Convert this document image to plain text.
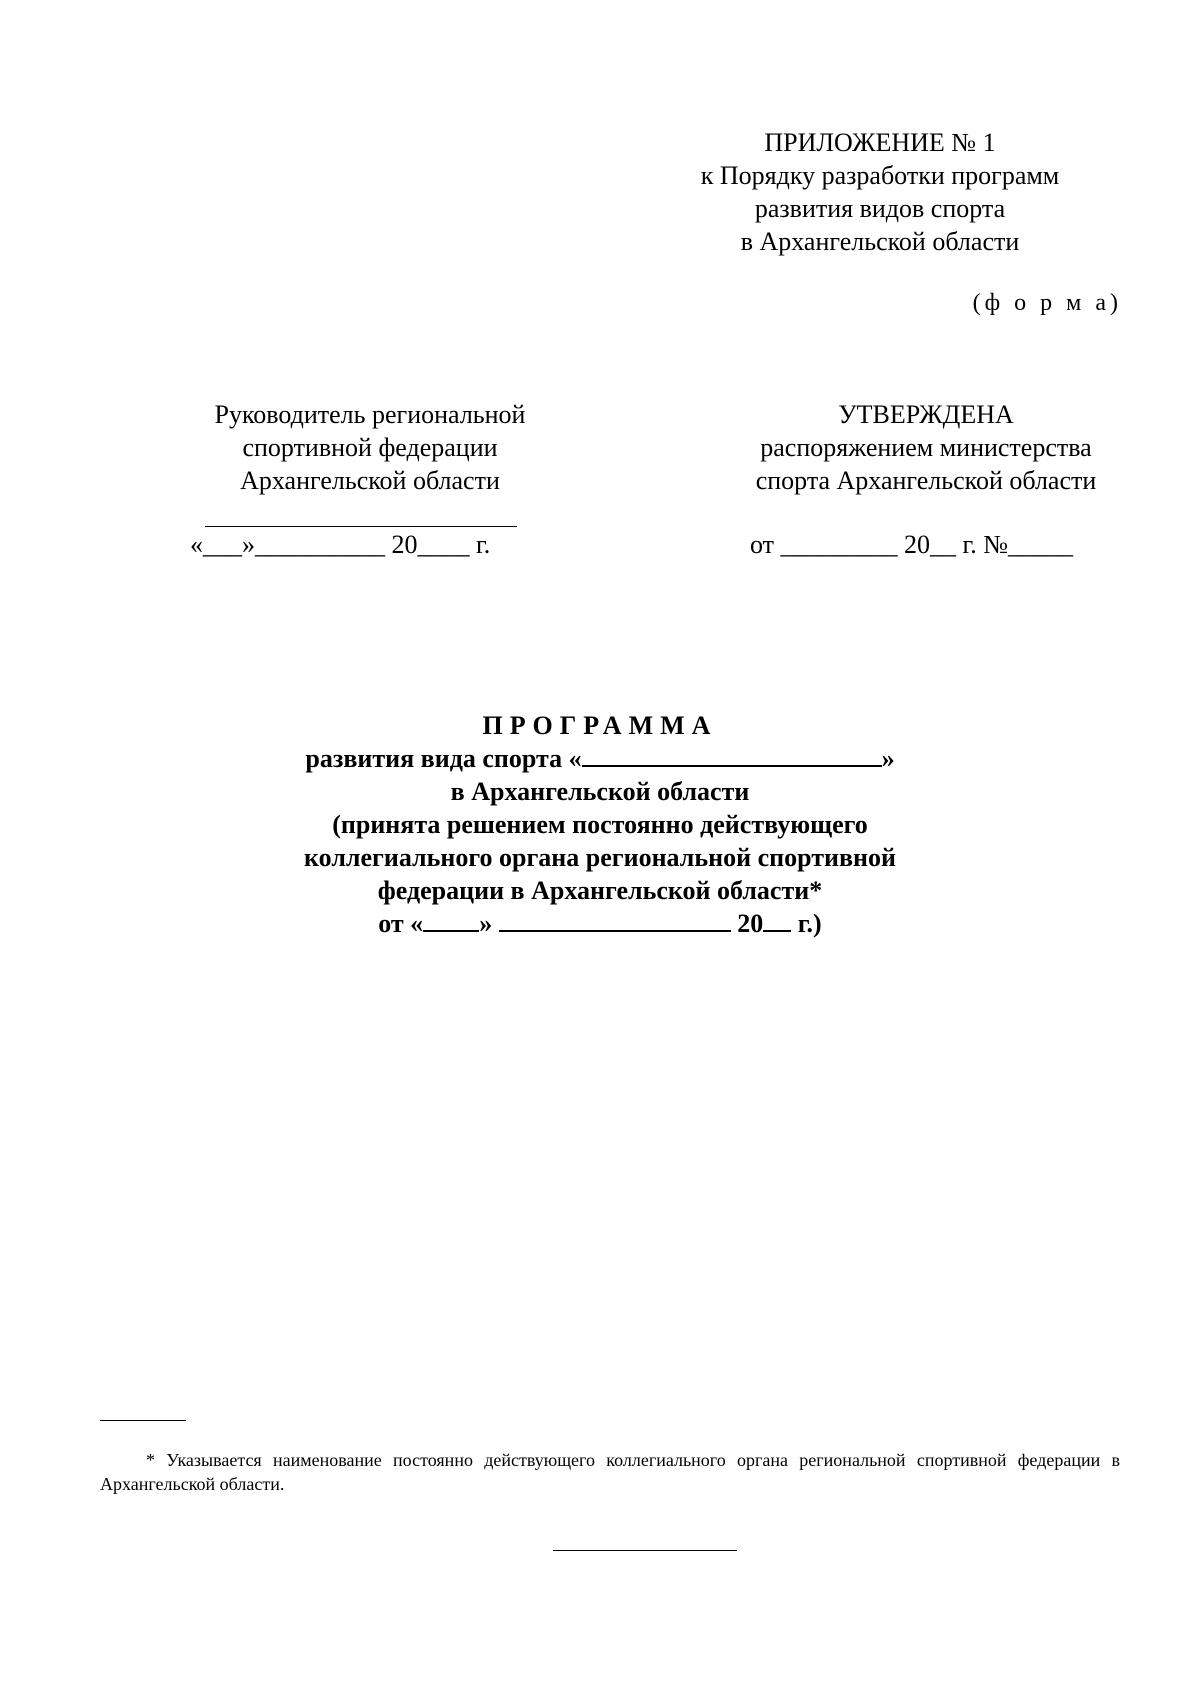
ПРИЛОЖЕНИЕ № 1
к Порядку разработки программ
развития видов спорта
в Архангельской области
(ф о р м а)
Руководитель региональной
спортивной федерации
Архангельской области
«___»__________ 20____ г.
УТВЕРЖДЕНА
распоряжением министерства
спорта Архангельской области
от _________ 20__ г. №_____
ПРОГРАММА
развития вида спорта «	»
в Архангельской области
(принята решением постоянно действующего
коллегиального органа региональной спортивной
федерации в Архангельской области*
от « »	20 г.)
* Указывается наименование постоянно действующего коллегиального органа региональной спортивной федерации в Архангельской области.
